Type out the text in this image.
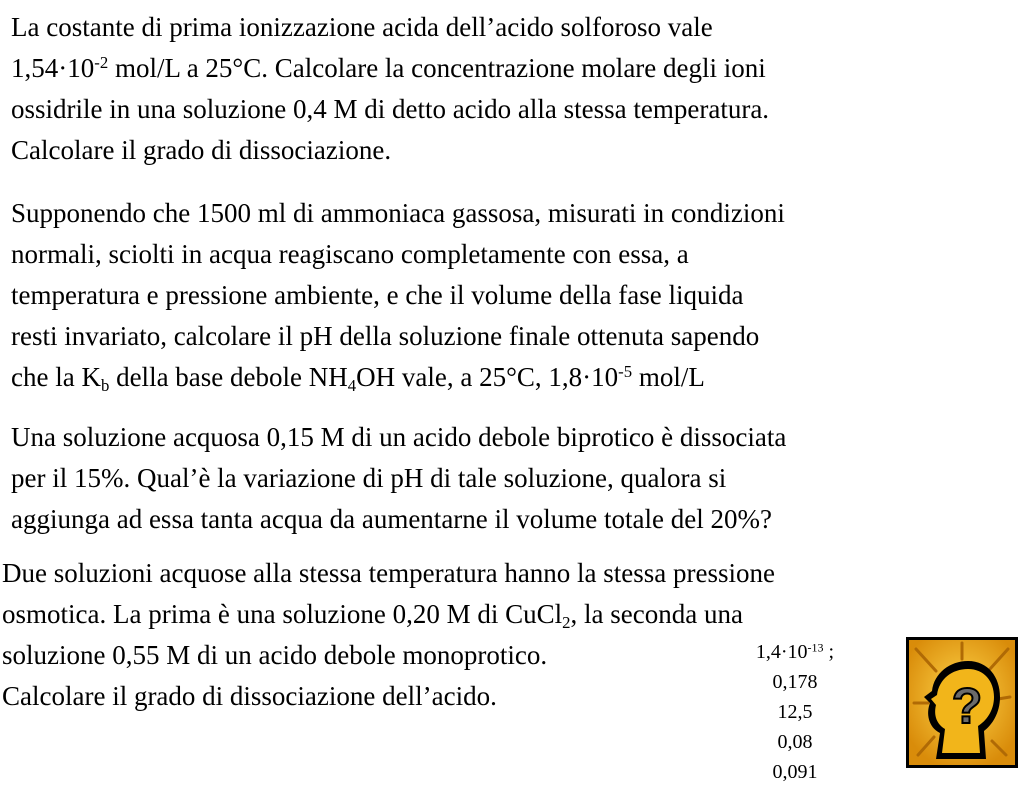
La costante di prima ionizzazione acida dell’acido solforoso vale
$1,54\cdot 10^{-2}$ mol/L a 25°C. Calcolare la concentrazione molare degli ioni
ossidrile in una soluzione 0,4 M di detto acido alla stessa temperatura.
Calcolare il grado di dissociazione.
Supponendo che 1500 ml di ammoniaca gassosa, misurati in condizioni
normali, sciolti in acqua reagiscano completamente con essa, a
temperatura e pressione ambiente, e che il volume della fase liquida
resti invariato, calcolare il pH della soluzione finale ottenuta sapendo
che la $K_b$ della base debole $NH_4OH$ vale, a 25°C, $1,8\cdot 10^{-5}$ mol/L
Una soluzione acquosa 0,15 M di un acido debole biprotico è dissociata
per il 15%. Qual’è la variazione di pH di tale soluzione, qualora si
aggiunga ad essa tanta acqua da aumentarne il volume totale del 20%?
Due soluzioni acquose alla stessa temperatura hanno la stessa pressione
osmotica. La prima è una soluzione 0,20 M di CuCl$_2$, la seconda una
soluzione 0,55 M di un acido debole monoprotico.
Calcolare il grado di dissociazione dell’acido.
$1,4\cdot 10^{-13}$ ;
0,178
12,5
0,08
0,091
?
